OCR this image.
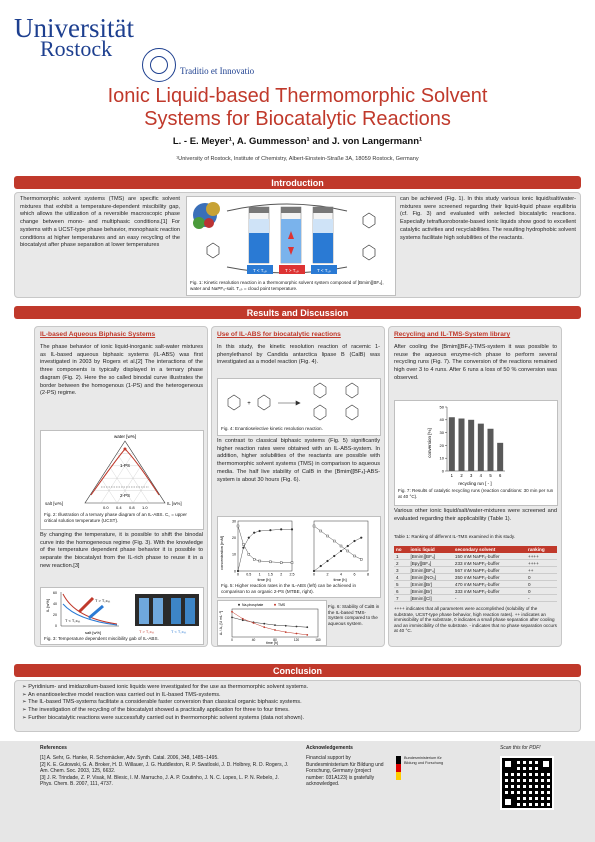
Universität
Rostock
Traditio et Innovatio
Ionic Liquid-based Thermomorphic Solvent
Systems for Biocatalytic Reactions
L. - E. Meyer¹, A. Gummesson¹ and J. von Langermann¹
¹University of Rostock, Institute of Chemistry, Albert-Einstein-Straße 3A, 18059 Rostock, Germany
Introduction
Thermomorphic solvent systems (TMS) are specific solvent mixtures that exhibit a temperature-dependent miscibility gap, which allows the utilization of a reversible macroscopic phase change between mono- and multiphasic conditions.[1] For systems with a UCST-type phase behavior, monophasic reaction conditions at higher temperatures and an easy recycling of the biocatalyst after phase separation at lower temperatures
T < T꜀ₚ	T > T꜀ₚ	T < T꜀ₚ
Fig. 1: Kinetic resolution reaction in a thermomorphic solvent system composed of [Bmim][BF₄], water and NaPF₆-salt. T꜀ₚ = cloud point temperature.
can be achieved (Fig. 1). In this study various ionic liquid/salt/water-mixtures were screened regarding their liquid-liquid phase equilibria (cf. Fig. 3) and evaluated with selected biocatalytic reactions. Especially tetrafluoroborate-based ionic liquids show good to excellent catalytic activities and recyclabilities. The resulting hydrophobic solvent systems facilitate high solubilities of the reactants.
Results and Discussion
IL-based Aqueous Biphasic Systems
The phase behavior of ionic liquid-inorganic salt-water mixtures as IL-based aqueous biphasic systems (IL-ABS) was first investigated in 2003 by Rogers et al.[2] The interactions of the three components is typically displayed in a ternary phase diagram (Fig. 2). Here the so called binodal curve illustrates the border between the homogenous (1-PS) and the heterogeneous (2-PS) regime.
water [w%]
1-PS
2-PS
0.0 0.4 0.8 1.0
salt [w%]	IL [w%]
Fig. 2: Illustration of a ternary phase diagram of an IL-ABS. C꜀ = upper critical solution temperature (UCST).
By changing the temperature, it is possible to shift the binodal curve into the homogeneous regime (Fig. 3). With the knowledge of the temperature dependent phase behavior it is possible to separate the biocatalyst from the IL-rich phase to reuse it in a new reaction.[3]
T > T꜀ᴄₛₜ
T < T꜀ᴄₛₜ
IL [w%]
salt [w%]
0
20
40
60
T > T꜀ᴄₛₜ	T < T꜀ᴄₛₜ
Fig. 3: Temperature dependent miscibility gab of IL-ABS.
Use of IL-ABS for biocatalytic reactions
In this study, the kinetic resolution reaction of racemic 1-phenylethanol by Candida antarctica lipase B (CalB) was investigated as a model reaction (Fig. 4).
+
Fig. 4: Enantioselective kinetic resolution reaction.
In contrast to classical biphasic systems (Fig. 5) significantly higher reaction rates were obtained with an IL-ABS-system. In addition, higher solubilities of the reactants are possible with thermomorphic solvent systems (TMS) in comparison to aqueous media. The half live stability of CalB in the [Bmim][BF₄]-ABS-system is about 30 hours (Fig. 6).
concentration [mM]
time [h]	time [h]
0 0.5 1 1.5 2 2.5
0
10
20
30
0	2	4	6	8
Fig. 5: Higher reaction rates in the IL-ABS (left) can be achieved in comparison to an organic 2-PS (MTBE, right).
Aᵢ / A₀ [U mL⁻¹]
time [h]
Na-phosphate	TMS
0	40	80	120	160
Fig. 6: Stability of CalB in the IL-based TMS-System compared to the aqueous system.
Recycling and IL-TMS-System library
After cooling the [Bmim][BF₄]-TMS-system it was possible to reuse the aqueous enzyme-rich phase to perform several recycling runs (Fig. 7). The conversion of the reactions remained high over 3 to 4 runs. After 6 runs a loss of 50 % conversion was observed.
conversion [%]
recycling run [ - ]
0
10
20
30
40
50
1 2 3 4 5 6
Fig. 7: Results of catalytic recycling runs (reaction conditions: 30 min per run at 40 °C).
Various other ionic liquid/salt/water-mixtures were screened and evaluated regarding their applicability (Table 1).
Table 1: Ranking of different IL-TMS examined in this study.
no	ionic liquid	secondary solvent	ranking
1	[Bmim][BF₄]	150 mM NaPF₆-buffer	++++
2	[Bpy][BF₄]	233 mM NaPF₆-buffer	++++
3	[Emim][BF₄]	567 mM NaPF₆-buffer	++
4	[Bmim][NO₃]	350 mM NaPF₆-buffer	0
5	[Emim][Br]	470 mM NaPF₆-buffer	0
6	[Bmim][Br]	333 mM NaPF₆-buffer	0
7	[Bmim][Cl]	-	-
++++ indicates that all parameters were accomplished (solubility of the substrate, UCST-type phase behavior, high reaction rates). ++ indicates an immiscibility of the substrate, 0 indicates a small phase separation after cooling and an immiscibility of the substrate. - indicates that no phase separation occurs at 40 °C.
Conclusion
➢ Pyridinium- and imidazolium-based ionic liquids were investigated for the use as thermomorphic solvent systems.
➢ An enantioselective model reaction was carried out in IL-based TMS-systems.
➢ The IL-based TMS-systems facilitate a considerable faster conversion than classical organic biphasic systems.
➢ The investigation of the recycling of the biocatalyst showed a practically application for three to four times.
➢ Further biocatalytic reactions were successfully carried out in thermomorphic solvent systems (data not shown).
References
[1] A. Sehr, G. Hanke, R. Schomäcker, Adv. Synth. Catal. 2006, 348, 1485–1495.
[2] K. E. Gutowski, G. A. Broker, H. D. Willauer, J. G. Huddleston, R. P. Swatloski, J. D. Holbrey, R. D. Rogers, J. Am. Chem. Soc. 2003, 125, 6632.
[3] J. R. Trindade, Z. P. Visak, M. Blesic, I. M. Marrucho, J. A. P. Coutinho, J. N. C. Lopes, L. P. N. Rebelo, J. Phys. Chem. B. 2007, 111, 4737.
Acknowledgements
Financial support by Bundesministerium für Bildung und Forschung, Germany (project number: 031A123) is gratefully acknowledged.
Bundesministerium für Bildung und Forschung
Scan this for PDF!
